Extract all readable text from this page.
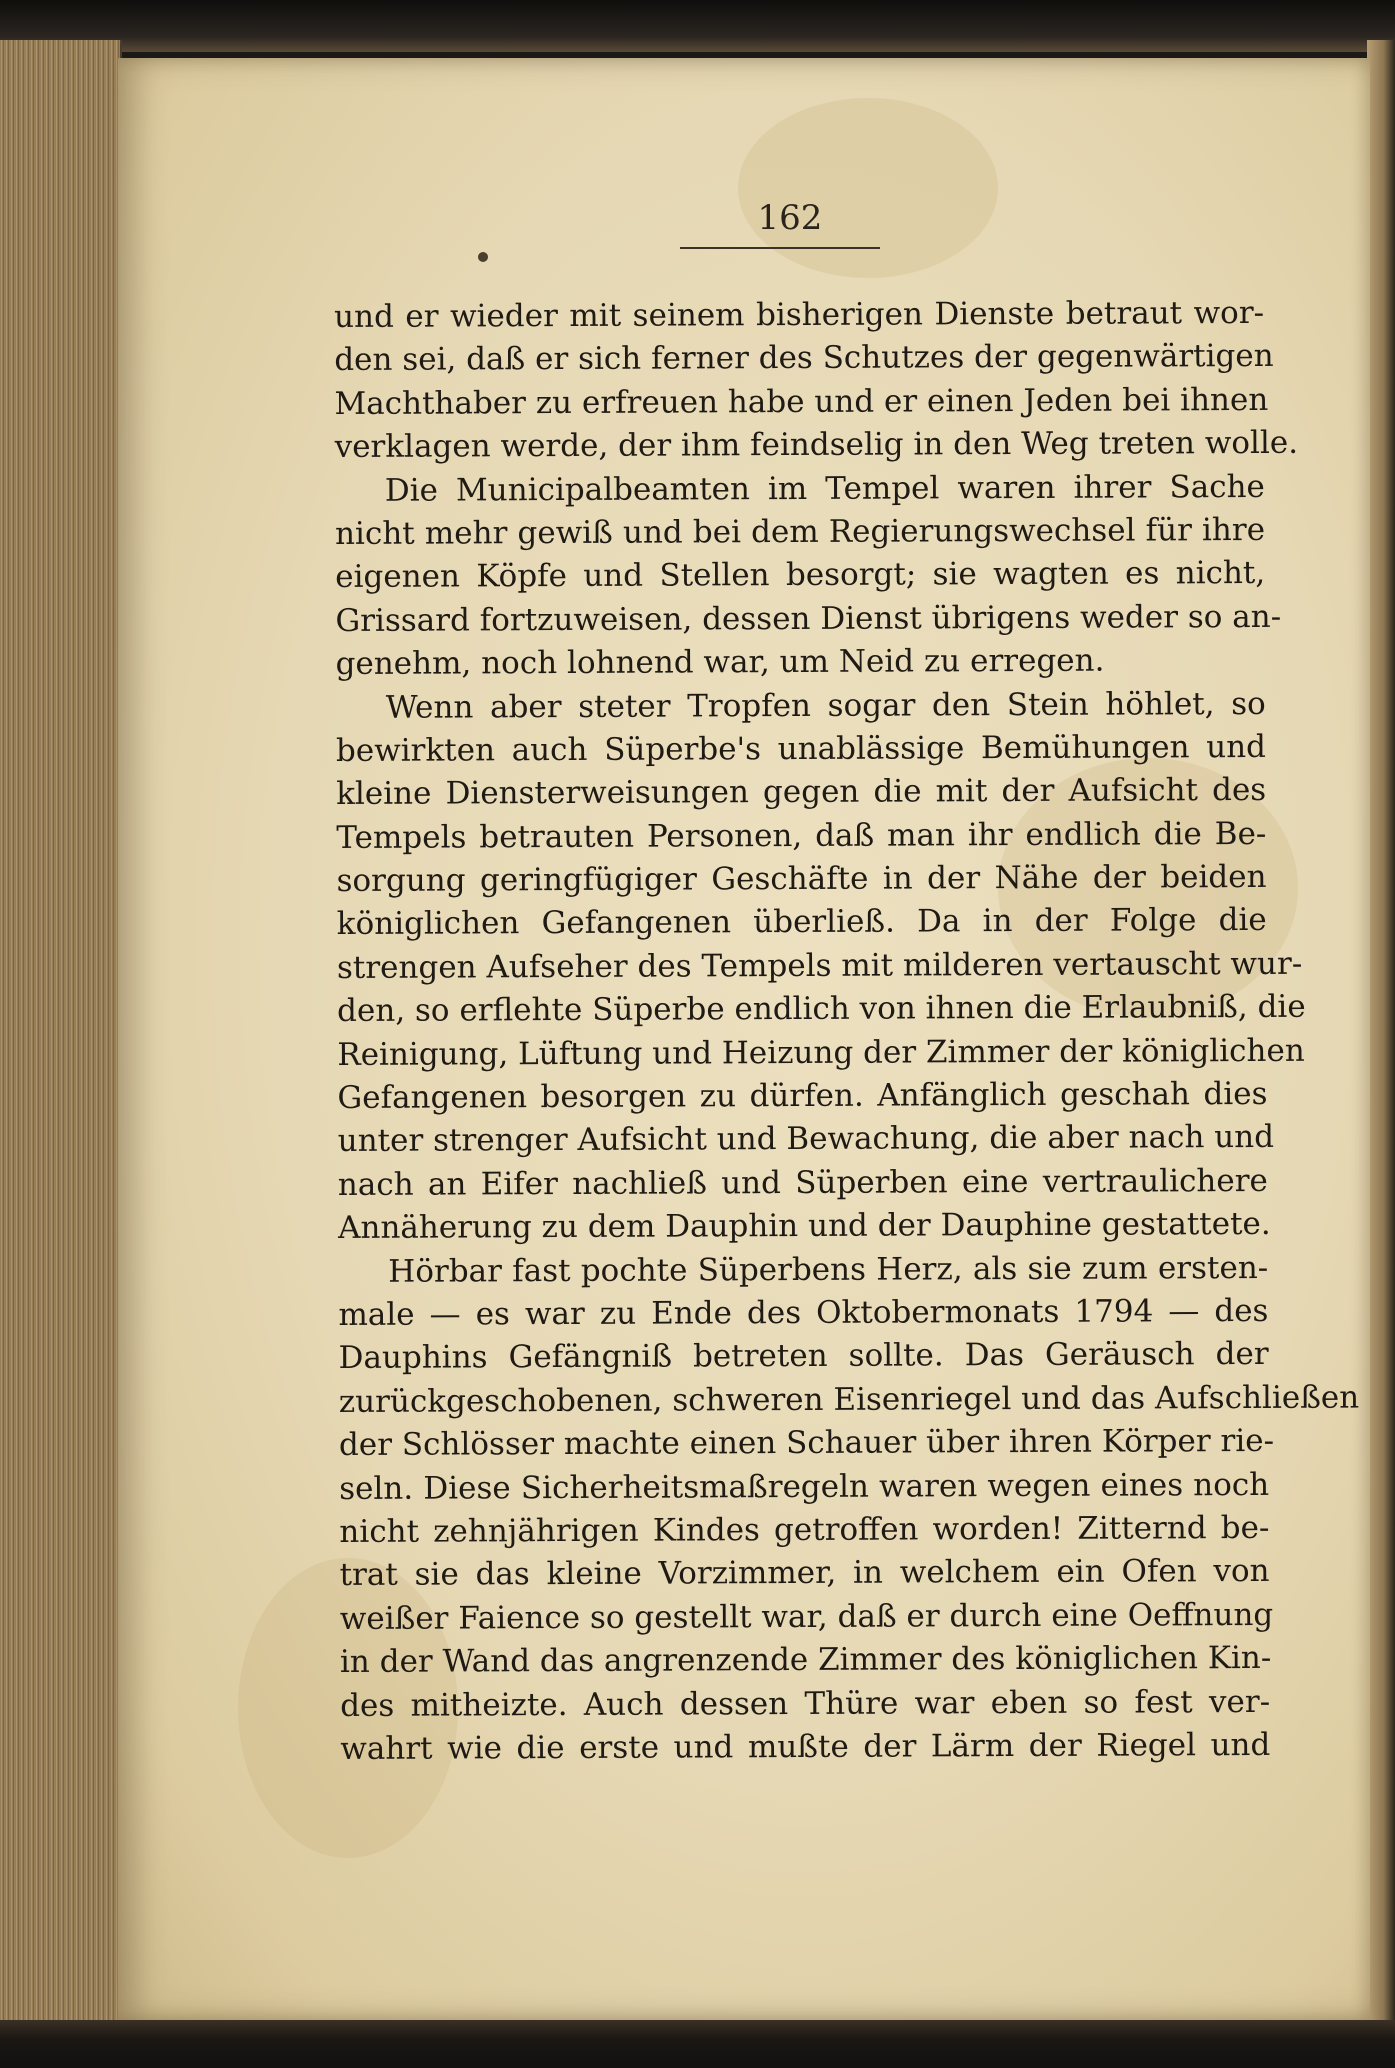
162
und er wieder mit seinem bisherigen Dienste betraut wor-
den sei, daß er sich ferner des Schutzes der gegenwärtigen
Machthaber zu erfreuen habe und er einen Jeden bei ihnen
verklagen werde, der ihm feindselig in den Weg treten wolle.
Die Municipalbeamten im Tempel waren ihrer Sache
nicht mehr gewiß und bei dem Regierungswechsel für ihre
eigenen Köpfe und Stellen besorgt; sie wagten es nicht,
Grissard fortzuweisen, dessen Dienst übrigens weder so an-
genehm, noch lohnend war, um Neid zu erregen.
Wenn aber steter Tropfen sogar den Stein höhlet, so
bewirkten auch Süperbe's unablässige Bemühungen und
kleine Diensterweisungen gegen die mit der Aufsicht des
Tempels betrauten Personen, daß man ihr endlich die Be-
sorgung geringfügiger Geschäfte in der Nähe der beiden
königlichen Gefangenen überließ. Da in der Folge die
strengen Aufseher des Tempels mit milderen vertauscht wur-
den, so erflehte Süperbe endlich von ihnen die Erlaubniß, die
Reinigung, Lüftung und Heizung der Zimmer der königlichen
Gefangenen besorgen zu dürfen. Anfänglich geschah dies
unter strenger Aufsicht und Bewachung, die aber nach und
nach an Eifer nachließ und Süperben eine vertraulichere
Annäherung zu dem Dauphin und der Dauphine gestattete.
Hörbar fast pochte Süperbens Herz, als sie zum ersten-
male — es war zu Ende des Oktobermonats 1794 — des
Dauphins Gefängniß betreten sollte. Das Geräusch der
zurückgeschobenen, schweren Eisenriegel und das Aufschließen
der Schlösser machte einen Schauer über ihren Körper rie-
seln. Diese Sicherheitsmaßregeln waren wegen eines noch
nicht zehnjährigen Kindes getroffen worden! Zitternd be-
trat sie das kleine Vorzimmer, in welchem ein Ofen von
weißer Faience so gestellt war, daß er durch eine Oeffnung
in der Wand das angrenzende Zimmer des königlichen Kin-
des mitheizte. Auch dessen Thüre war eben so fest ver-
wahrt wie die erste und mußte der Lärm der Riegel und
